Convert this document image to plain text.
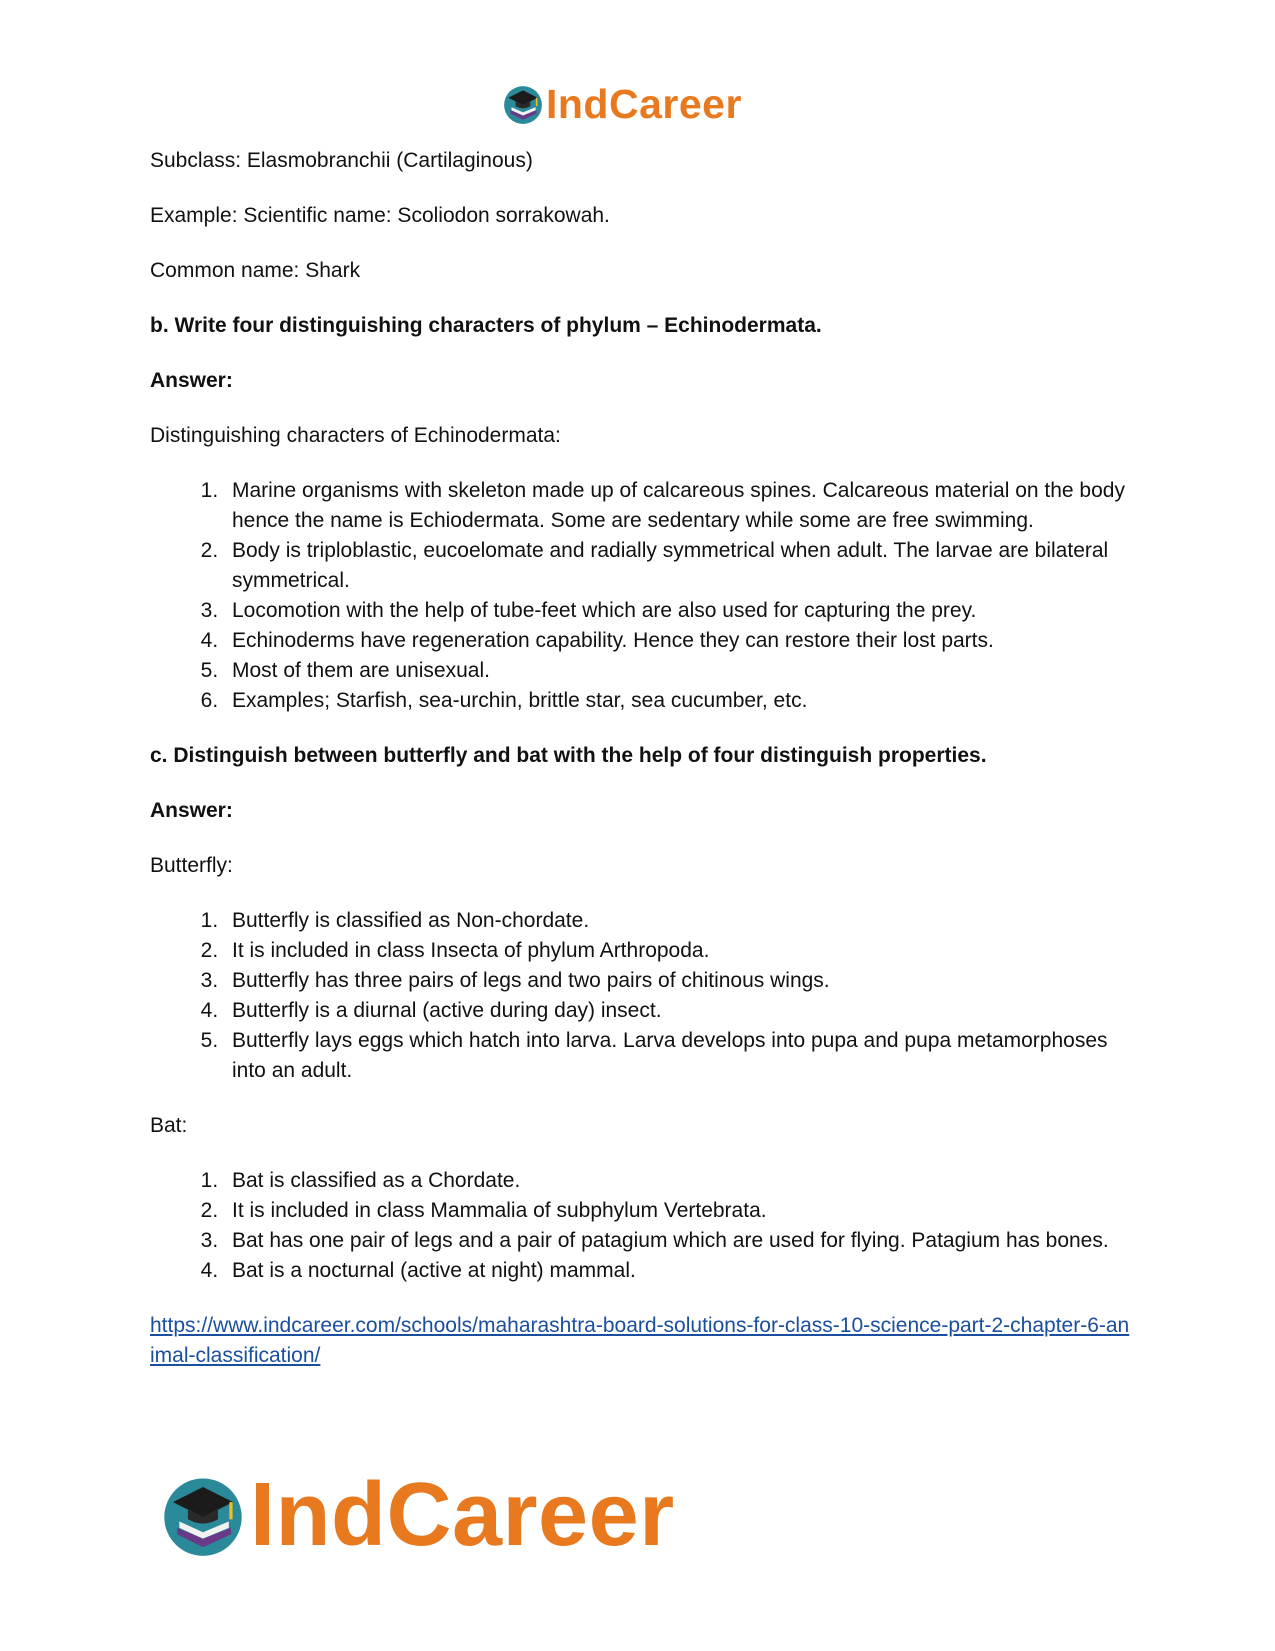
IndCareer

Subclass: Elasmobranchii (Cartilaginous)

Example: Scientific name: Scoliodon sorrakowah.

Common name: Shark

b. Write four distinguishing characters of phylum – Echinodermata.

Answer:

Distinguishing characters of Echinodermata:

1. Marine organisms with skeleton made up of calcareous spines. Calcareous material on the body hence the name is Echiodermata. Some are sedentary while some are free swimming.
2. Body is triploblastic, eucoelomate and radially symmetrical when adult. The larvae are bilateral symmetrical.
3. Locomotion with the help of tube-feet which are also used for capturing the prey.
4. Echinoderms have regeneration capability. Hence they can restore their lost parts.
5. Most of them are unisexual.
6. Examples; Starfish, sea-urchin, brittle star, sea cucumber, etc.

c. Distinguish between butterfly and bat with the help of four distinguish properties.

Answer:

Butterfly:

1. Butterfly is classified as Non-chordate.
2. It is included in class Insecta of phylum Arthropoda.
3. Butterfly has three pairs of legs and two pairs of chitinous wings.
4. Butterfly is a diurnal (active during day) insect.
5. Butterfly lays eggs which hatch into larva. Larva develops into pupa and pupa metamorphoses into an adult.

Bat:

1. Bat is classified as a Chordate.
2. It is included in class Mammalia of subphylum Vertebrata.
3. Bat has one pair of legs and a pair of patagium which are used for flying. Patagium has bones.
4. Bat is a nocturnal (active at night) mammal.
https://www.indcareer.com/schools/maharashtra-board-solutions-for-class-10-science-part-2-chapter-6-animal-classification/
IndCareer
